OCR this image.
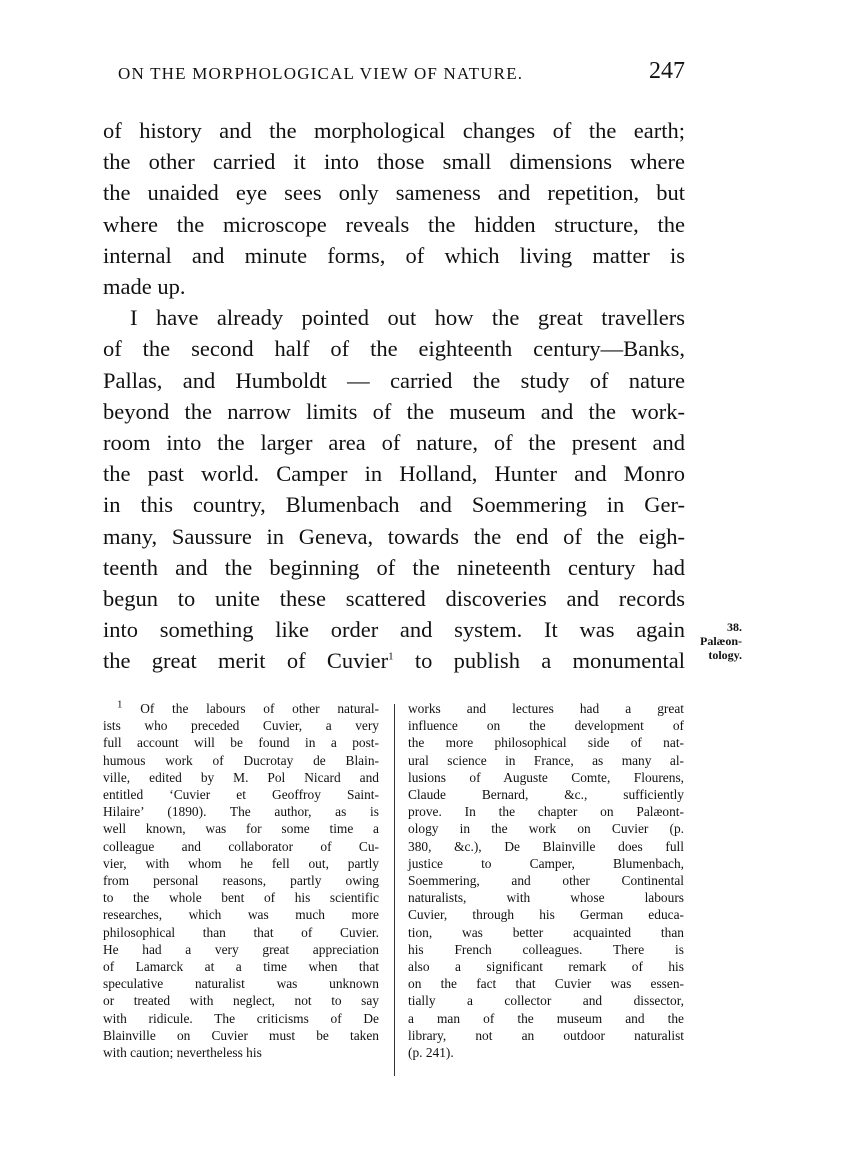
ON THE MORPHOLOGICAL VIEW OF NATURE.	247

of history and the morphological changes of the earth;
the other carried it into those small dimensions where
the unaided eye sees only sameness and repetition, but
where the microscope reveals the hidden structure, the
internal and minute forms, of which living matter is
made up.

I have already pointed out how the great travellers
of the second half of the eighteenth century—Banks,
Pallas, and Humboldt — carried the study of nature
beyond the narrow limits of the museum and the work-
room into the larger area of nature, of the present and
the past world. Camper in Holland, Hunter and Monro
in this country, Blumenbach and Soemmering in Ger-
many, Saussure in Geneva, towards the end of the eigh-
teenth and the beginning of the nineteenth century had
begun to unite these scattered discoveries and records
into something like order and system. It was again
the great merit of Cuvier$^1$ to publish a monumental

38.
Palæon-
tology.
$^1$ Of the labours of other natural-
ists who preceded Cuvier, a very
full account will be found in a post-
humous work of Ducrotay de Blain-
ville, edited by M. Pol Nicard and
entitled ‘Cuvier et Geoffroy Saint-
Hilaire’ (1890). The author, as is
well known, was for some time a
colleague and collaborator of Cu-
vier, with whom he fell out, partly
from personal reasons, partly owing
to the whole bent of his scientific
researches, which was much more
philosophical than that of Cuvier.
He had a very great appreciation
of Lamarck at a time when that
speculative naturalist was unknown
or treated with neglect, not to say
with ridicule. The criticisms of De
Blainville on Cuvier must be taken
with caution; nevertheless his
works and lectures had a great
influence on the development of
the more philosophical side of nat-
ural science in France, as many al-
lusions of Auguste Comte, Flourens,
Claude Bernard, &c., sufficiently
prove. In the chapter on Palæont-
ology in the work on Cuvier (p.
380, &c.), De Blainville does full
justice to Camper, Blumenbach,
Soemmering, and other Continental
naturalists, with whose labours
Cuvier, through his German educa-
tion, was better acquainted than
his French colleagues. There is
also a significant remark of his
on the fact that Cuvier was essen-
tially a collector and dissector,
a man of the museum and the
library, not an outdoor naturalist
(p. 241).
